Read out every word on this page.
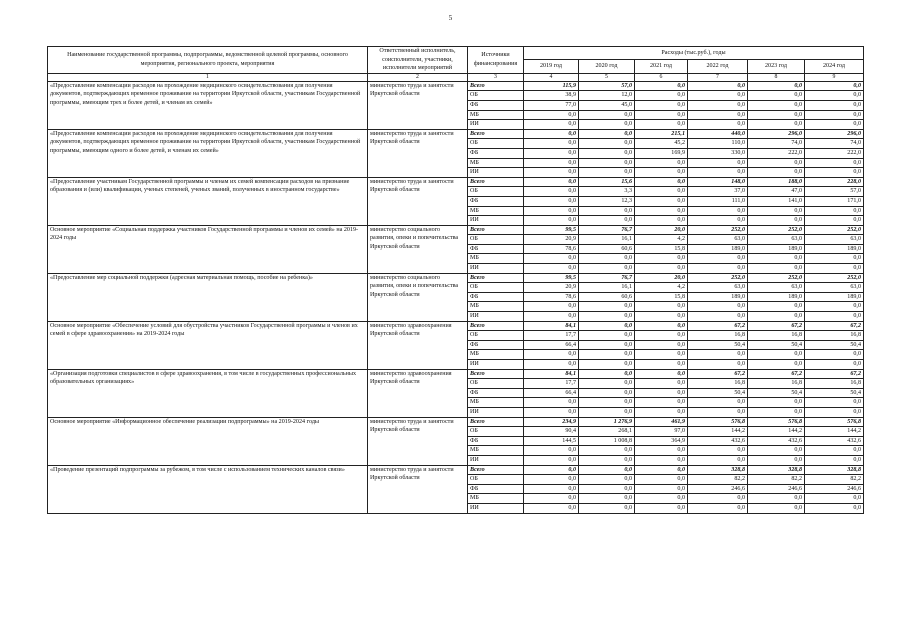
5
Наименование государственной программы, подпрограммы, ведомственной целевой программы, основного мероприятия, регионального проекта, мероприятия	Ответственный исполнитель, соисполнители, участники, исполнители мероприятий	Источники финансирования	Расходы (тыс.руб.), годы					
			2019 год	2020 год	2021 год	2022 год	2023 год	2024 год
1	2	3	4	5	6	7	8	9
«Предоставление компенсации расходов на прохождение медицинского освидетельствования для получения документов, подтверждающих временное проживание на территории Иркутской области, участникам Государственной программы, имеющим трех и более детей, и членам их семей»	министерство труда и занятости Иркутской области	Всего	115,9	57,0	0,0	0,0	0,0	0,0
		ОБ	38,9	12,0	0,0	0,0	0,0	0,0
		ФБ	77,0	45,0	0,0	0,0	0,0	0,0
		МБ	0,0	0,0	0,0	0,0	0,0	0,0
		ИИ	0,0	0,0	0,0	0,0	0,0	0,0
«Предоставление компенсации расходов на прохождение медицинского освидетельствования для получения документов, подтверждающих временное проживание на территории Иркутской области, участникам Государственной программы, имеющим одного и более детей, и членам их семей»	министерство труда и занятости Иркутской области	Всего	0,0	0,0	215,1	440,0	296,0	296,0
		ОБ	0,0	0,0	45,2	110,0	74,0	74,0
		ФБ	0,0	0,0	169,9	330,0	222,0	222,0
		МБ	0,0	0,0	0,0	0,0	0,0	0,0
		ИИ	0,0	0,0	0,0	0,0	0,0	0,0
«Предоставление участникам Государственной программы и членам их семей компенсации расходов на признание образования и (или) квалификации, ученых степеней, ученых званий, полученных в иностранном государстве»	министерство труда и занятости Иркутской области	Всего	0,0	15,6	0,0	148,0	188,0	228,0
		ОБ	0,0	3,3	0,0	37,0	47,0	57,0
		ФБ	0,0	12,3	0,0	111,0	141,0	171,0
		МБ	0,0	0,0	0,0	0,0	0,0	0,0
		ИИ	0,0	0,0	0,0	0,0	0,0	0,0
Основное мероприятие «Социальная поддержка участников Государственной программы и членов их семей» на 2019-2024 годы	министерство социального развития, опеки и попечительства Иркутской области	Всего	99,5	76,7	20,0	252,0	252,0	252,0
		ОБ	20,9	16,1	4,2	63,0	63,0	63,0
		ФБ	78,6	60,6	15,8	189,0	189,0	189,0
		МБ	0,0	0,0	0,0	0,0	0,0	0,0
		ИИ	0,0	0,0	0,0	0,0	0,0	0,0
«Предоставление мер социальной поддержки (адресная материальная помощь, пособие на ребенка)»	министерство социального развития, опеки и попечительства Иркутской области	Всего	99,5	76,7	20,0	252,0	252,0	252,0
		ОБ	20,9	16,1	4,2	63,0	63,0	63,0
		ФБ	78,6	60,6	15,8	189,0	189,0	189,0
		МБ	0,0	0,0	0,0	0,0	0,0	0,0
		ИИ	0,0	0,0	0,0	0,0	0,0	0,0
Основное мероприятие «Обеспечение условий для обустройства участников Государственной программы и членов их семей в сфере здравоохранения» на 2019-2024 годы	министерство здравоохранения Иркутской области	Всего	84,1	0,0	0,0	67,2	67,2	67,2
		ОБ	17,7	0,0	0,0	16,8	16,8	16,8
		ФБ	66,4	0,0	0,0	50,4	50,4	50,4
		МБ	0,0	0,0	0,0	0,0	0,0	0,0
		ИИ	0,0	0,0	0,0	0,0	0,0	0,0
«Организация подготовки специалистов в сфере здравоохранения, в том числе в государственных профессиональных образовательных организациях»	министерство здравоохранения Иркутской области	Всего	84,1	0,0	0,0	67,2	67,2	67,2
		ОБ	17,7	0,0	0,0	16,8	16,8	16,8
		ФБ	66,4	0,0	0,0	50,4	50,4	50,4
		МБ	0,0	0,0	0,0	0,0	0,0	0,0
		ИИ	0,0	0,0	0,0	0,0	0,0	0,0
Основное мероприятие «Информационное обеспечение реализации подпрограммы» на 2019-2024 годы	министерство труда и занятости Иркутской области	Всего	234,9	1 276,9	461,9	576,8	576,8	576,8
		ОБ	90,4	268,1	97,0	144,2	144,2	144,2
		ФБ	144,5	1 008,8	364,9	432,6	432,6	432,6
		МБ	0,0	0,0	0,0	0,0	0,0	0,0
		ИИ	0,0	0,0	0,0	0,0	0,0	0,0
«Проведение презентаций подпрограммы за рубежом, в том числе с использованием технических каналов связи»	министерство труда и занятости Иркутской области	Всего	0,0	0,0	0,0	328,8	328,8	328,8
		ОБ	0,0	0,0	0,0	82,2	82,2	82,2
		ФБ	0,0	0,0	0,0	246,6	246,6	246,6
		МБ	0,0	0,0	0,0	0,0	0,0	0,0
		ИИ	0,0	0,0	0,0	0,0	0,0	0,0
